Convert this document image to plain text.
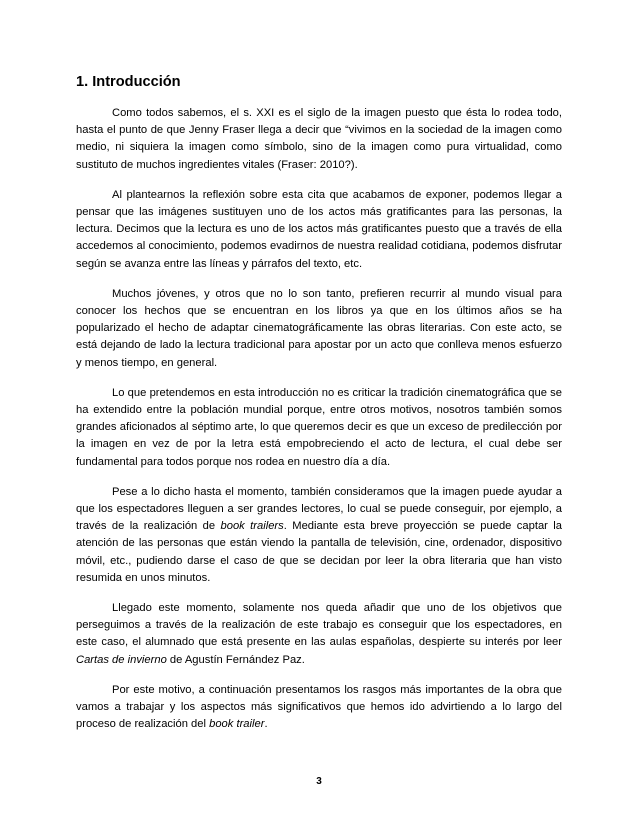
1. Introducción

Como todos sabemos, el s. XXI es el siglo de la imagen puesto que ésta lo rodea todo, hasta el punto de que Jenny Fraser llega a decir que “vivimos en la sociedad de la imagen como medio, ni siquiera la imagen como símbolo, sino de la imagen como pura virtualidad, como sustituto de muchos ingredientes vitales (Fraser: 2010?).

Al plantearnos la reflexión sobre esta cita que acabamos de exponer, podemos llegar a pensar que las imágenes sustituyen uno de los actos más gratificantes para las personas, la lectura. Decimos que la lectura es uno de los actos más gratificantes puesto que a través de ella accedemos al conocimiento, podemos evadirnos de nuestra realidad cotidiana, podemos disfrutar según se avanza entre las líneas y párrafos del texto, etc.

Muchos jóvenes, y otros que no lo son tanto, prefieren recurrir al mundo visual para conocer los hechos que se encuentran en los libros ya que en los últimos años se ha popularizado el hecho de adaptar cinematográficamente las obras literarias. Con este acto, se está dejando de lado la lectura tradicional para apostar por un acto que conlleva menos esfuerzo y menos tiempo, en general.

Lo que pretendemos en esta introducción no es criticar la tradición cinematográfica que se ha extendido entre la población mundial porque, entre otros motivos, nosotros también somos grandes aficionados al séptimo arte, lo que queremos decir es que un exceso de predilección por la imagen en vez de por la letra está empobreciendo el acto de lectura, el cual debe ser fundamental para todos porque nos rodea en nuestro día a día.

Pese a lo dicho hasta el momento, también consideramos que la imagen puede ayudar a que los espectadores lleguen a ser grandes lectores, lo cual se puede conseguir, por ejemplo, a través de la realización de book trailers. Mediante esta breve proyección se puede captar la atención de las personas que están viendo la pantalla de televisión, cine, ordenador, dispositivo móvil, etc., pudiendo darse el caso de que se decidan por leer la obra literaria que han visto resumida en unos minutos.

Llegado este momento, solamente nos queda añadir que uno de los objetivos que perseguimos a través de la realización de este trabajo es conseguir que los espectadores, en este caso, el alumnado que está presente en las aulas españolas, despierte su interés por leer Cartas de invierno de Agustín Fernández Paz.

Por este motivo, a continuación presentamos los rasgos más importantes de la obra que vamos a trabajar y los aspectos más significativos que hemos ido advirtiendo a lo largo del proceso de realización del book trailer.

3
